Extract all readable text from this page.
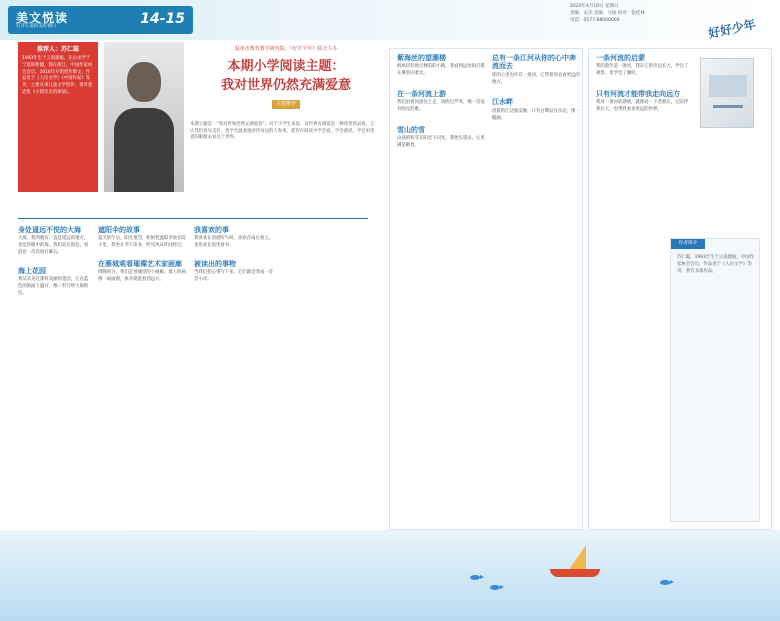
美文悦读
打开心灵的美好窗口	14-15
2020年4月19日 星期日
责编：宋杰 美编：马尾 校对：张桂林
电话：0577-88000000	好好少年
推荐人：苏仁聪

1993年生于云南建瓯，先后求学于宁夏和新疆，现在浙江，中国作家协会会员。2016年开始创作散文，作品见于《人民文学》《中国作家》等刊，主要从事儿童文学创作，著有童话集《小猪皮皮的烦恼》。

温州市教育教学研究院、《好学少年》联合主办
本期小学阅读主题：
我对世界仍然充满爱意
主题推荐
本期主题是：“我对世界仍然充满爱意”。对于小学生来说，对世界充满爱是一种珍贵的品质，它让我们看见美好，也学会温柔地对待身边的人和事。愿你在阅读中学会爱，学会感恩，学会用善意的眼睛去看这个世界。
身处遥远不悦的大海

大海，我所拥有一直是遥远的地方，也是你眼中的海。我们站在海边，看浪花一次次拍打礁石。

海上花园

我从未见过那样美丽的花园，它在蓝色的海面上盛开，像一封写给大海的信。

遮阳伞的故事

夏天的午后，阳光很烈，奶奶把遮阳伞放在院子里，我坐在伞下读书，听见风从叶间经过。

在雁城观看璀璨艺术家画廊

傍晚时分，我们走进城里的小画廊，墙上的画像一扇扇窗，推开就能看到远方。

我喜欢的事

我喜欢在清晨听鸟叫，喜欢在雨后看云，也喜欢在夜里看书。

被读出的事物

当我们把心事写下来，它们就会变成一首首小诗。

紫海丝的望潮楼

海风轻轻吹过楼前的小路，我看到远处的灯塔在雾里闪着光。

在一条河流上游

我们沿着河流往上走，风吹过芦苇，像一首没有唱完的歌。

雪山的雪

山顶的积雪在阳光下闪光，我抬头望去，心里满是敬畏。

总有一条江河从你的心中奔流而去

你的心里也许有一条河，它带着你去看更远的地方。

江水畔

清晨的江边很安静，只有白鹭站在水边，像一幅画。

一条河流的启蒙

我的童年是一条河，我在它的旁边长大，学会了观察，也学会了倾听。

只有河流才能带我走向远方

我对一条河的感情，就像对一个老朋友，它陪伴我长大，也带我看见更远的世界。

作者简介
苏仁聪，1993年生于云南建瓯，中国作家协会会员，作品见于《人民文学》等刊，著有多部作品。
